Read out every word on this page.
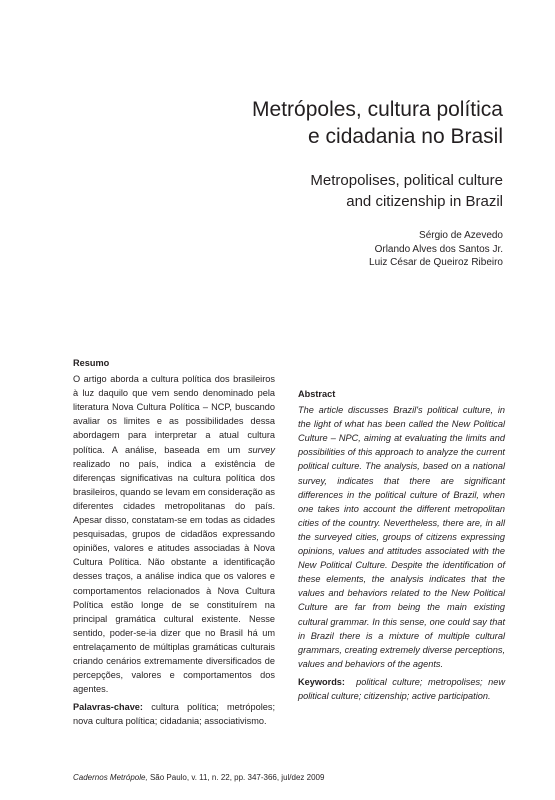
Metrópoles, cultura política
e cidadania no Brasil
Metropolises, political culture
and citizenship in Brazil
Sérgio de Azevedo
Orlando Alves dos Santos Jr.
Luiz César de Queiroz Ribeiro
Resumo
O artigo aborda a cultura política dos brasileiros à luz daquilo que vem sendo denominado pela literatura Nova Cultura Política – NCP, buscando avaliar os limites e as possibilidades dessa abordagem para interpretar a atual cultura política. A análise, baseada em um survey realizado no país, indica a existência de diferenças significativas na cultura política dos brasileiros, quando se levam em consideração as diferentes cidades metropolitanas do país. Apesar disso, constatam-se em todas as cidades pesquisadas, grupos de cidadãos expressando opiniões, valores e atitudes associadas à Nova Cultura Política. Não obstante a identificação desses traços, a análise indica que os valores e comportamentos relacionados à Nova Cultura Política estão longe de se constituírem na principal gramática cultural existente. Nesse sentido, poder-se-ia dizer que no Brasil há um entrelaçamento de múltiplas gramáticas culturais criando cenários extremamente diversificados de percepções, valores e comportamentos dos agentes.
Palavras-chave: cultura política; metrópoles; nova cultura política; cidadania; associativismo.
Abstract
The article discusses Brazil's political culture, in the light of what has been called the New Political Culture – NPC, aiming at evaluating the limits and possibilities of this approach to analyze the current political culture. The analysis, based on a national survey, indicates that there are significant differences in the political culture of Brazil, when one takes into account the different metropolitan cities of the country. Nevertheless, there are, in all the surveyed cities, groups of citizens expressing opinions, values and attitudes associated with the New Political Culture. Despite the identification of these elements, the analysis indicates that the values and behaviors related to the New Political Culture are far from being the main existing cultural grammar. In this sense, one could say that in Brazil there is a mixture of multiple cultural grammars, creating extremely diverse perceptions, values and behaviors of the agents.
Keywords: political culture; metropolises; new political culture; citizenship; active participation.
Cadernos Metrópole, São Paulo, v. 11, n. 22, pp. 347-366, jul/dez 2009
